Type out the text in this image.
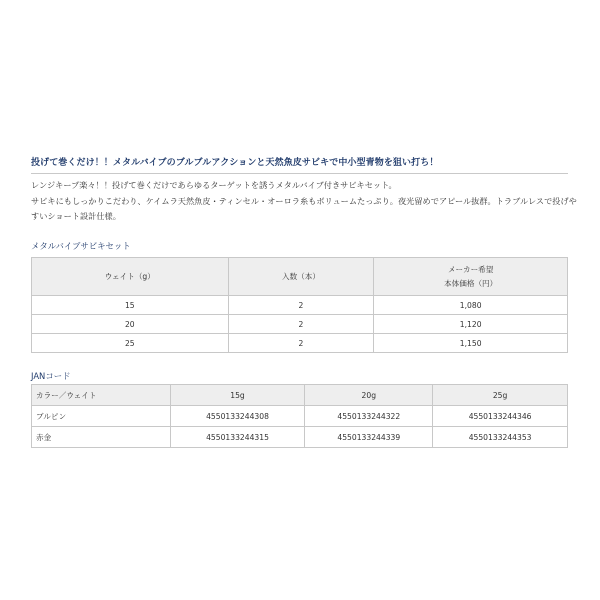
投げて巻くだけ！！メタルバイブのブルブルアクションと天然魚皮サビキで中小型青物を狙い打ち！
レンジキープ楽々！！投げて巻くだけであらゆるターゲットを誘うメタルバイブ付きサビキセット。
サビキにもしっかりこだわり、ケイムラ天然魚皮・ティンセル・オーロラ糸もボリュームたっぷり。夜光留めでアピール抜群。トラブルレスで投げや
すいショート設計仕様。
メタルバイブサビキセット
ウェイト（g）	入数（本）	メーカー希望
本体価格（円）

15	2	1,080
20	2	1,120
25	2	1,150
JANコード
カラー／ウェイト	15g	20g	25g
ブルピン	4550133244308	4550133244322	4550133244346
赤金	4550133244315	4550133244339	4550133244353
